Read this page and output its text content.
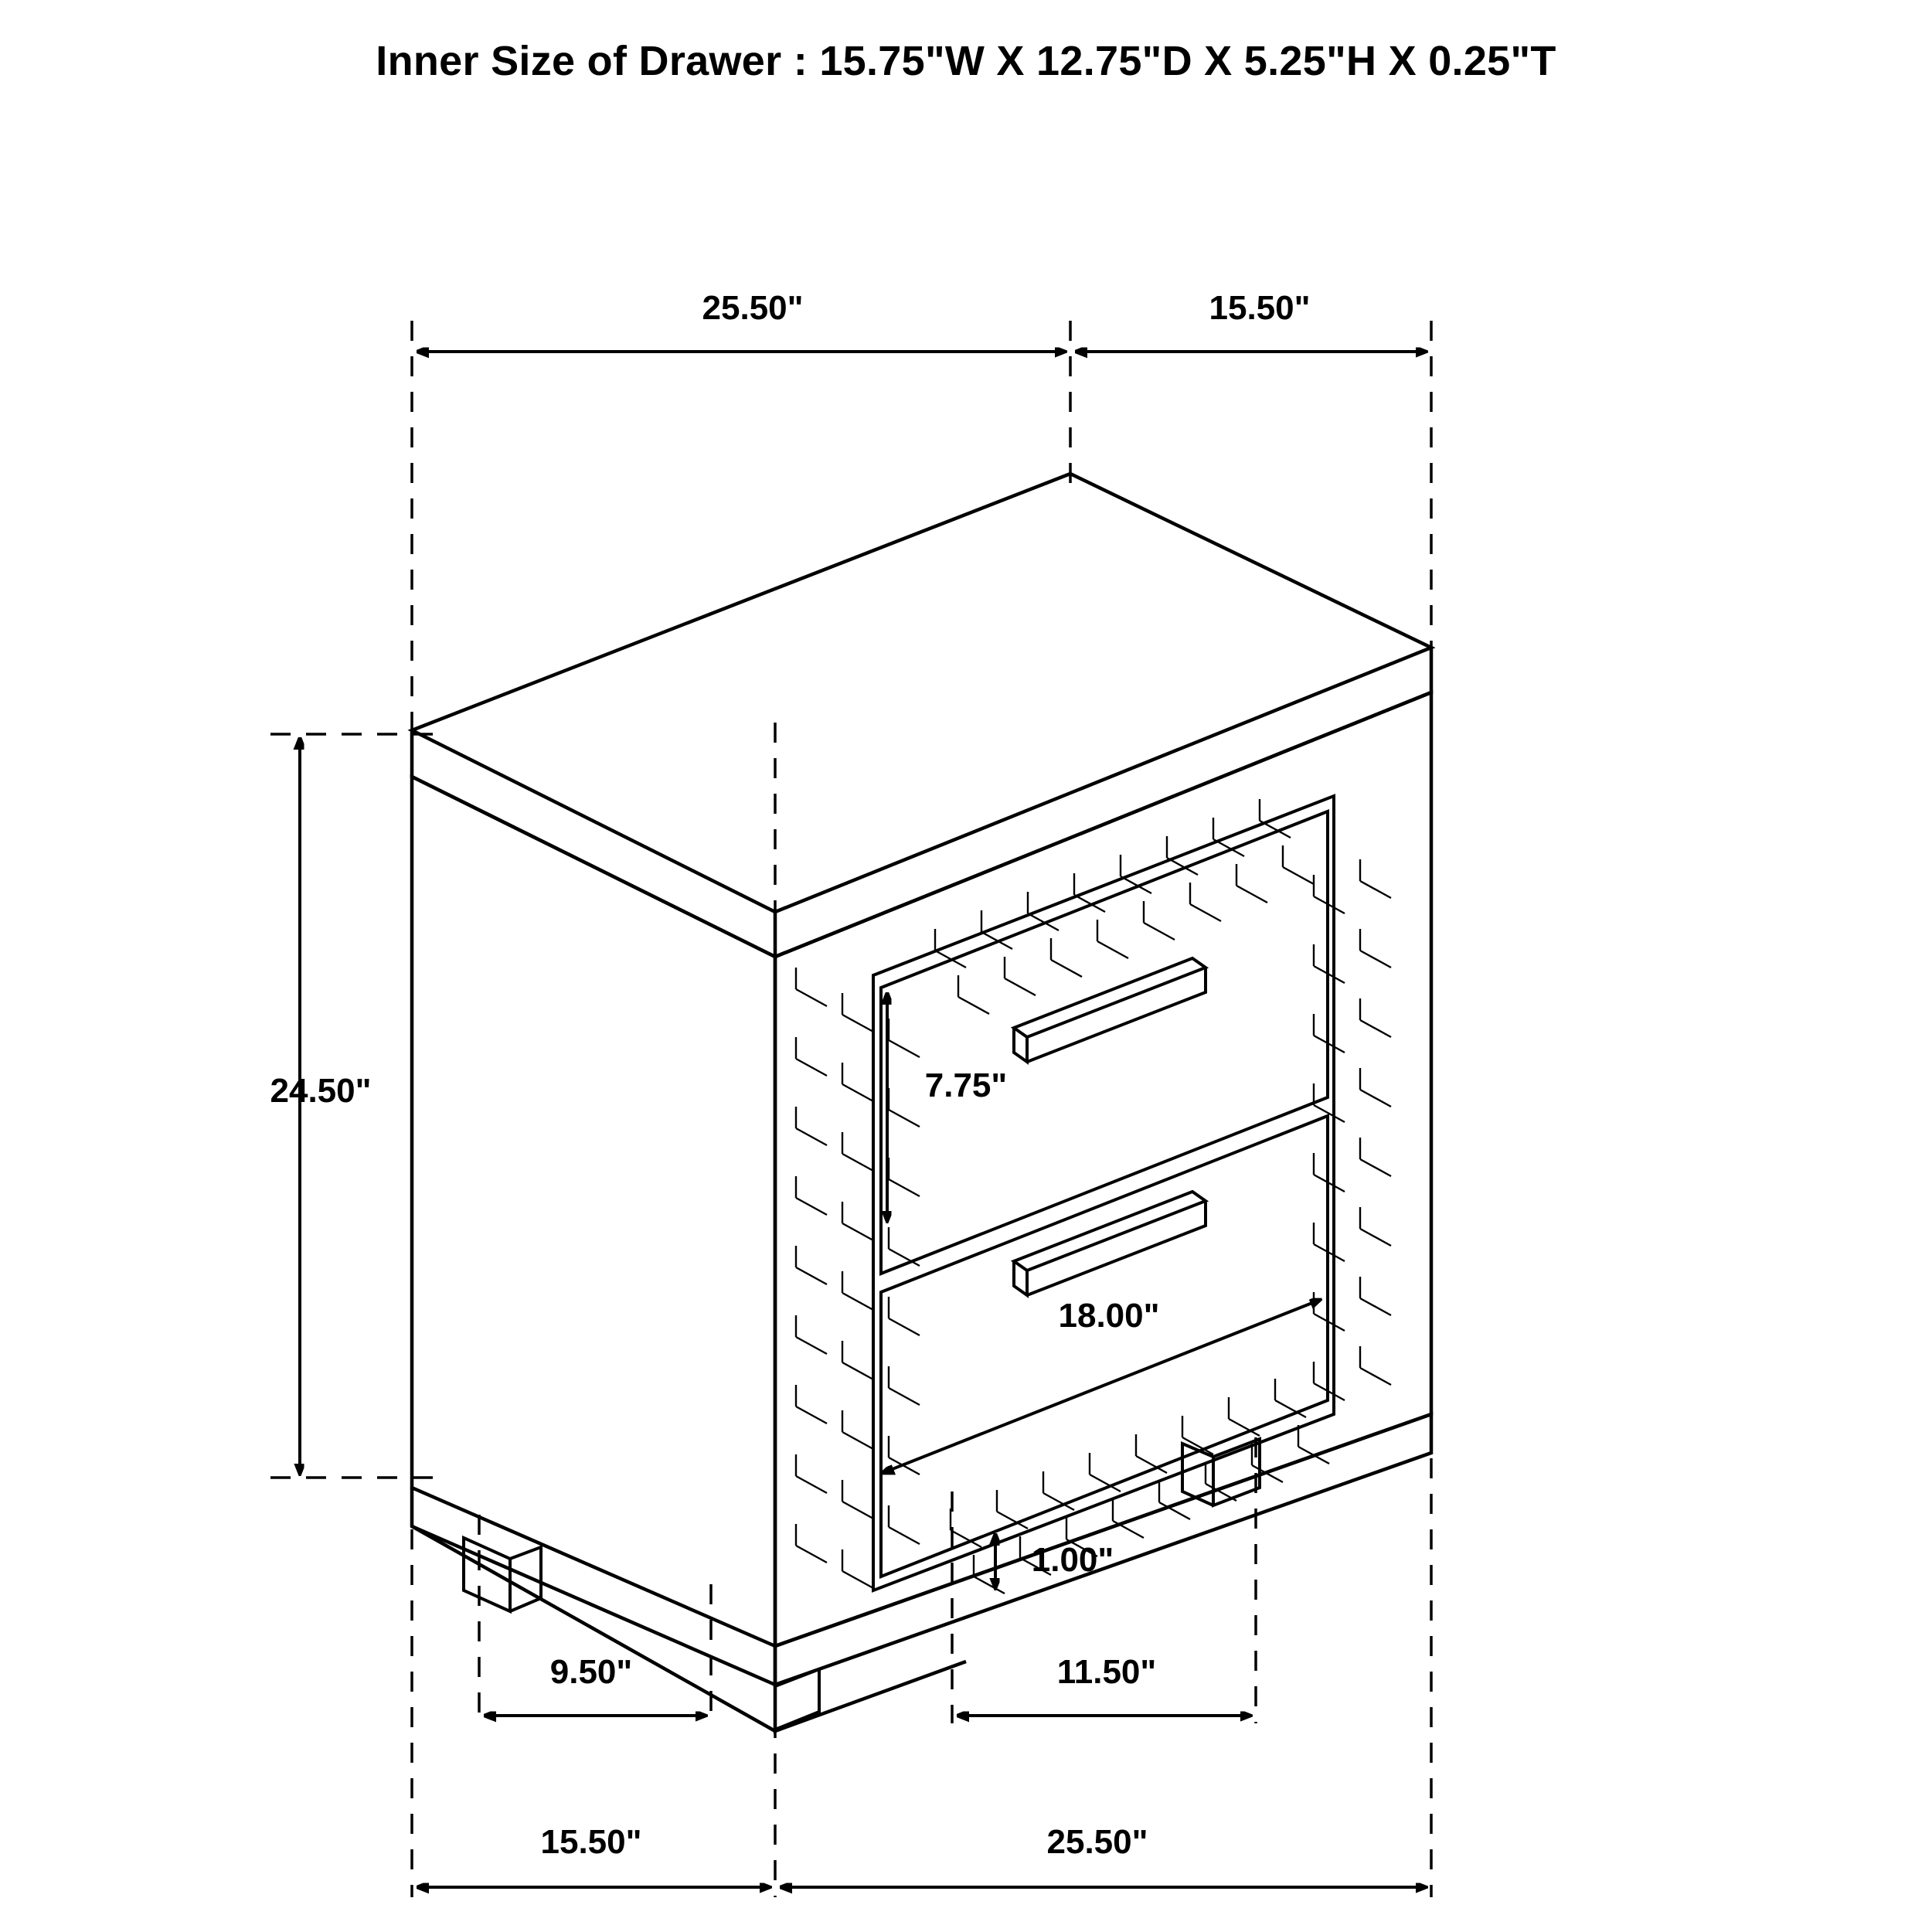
Inner Size of Drawer : 15.75"W X 12.75"D X 5.25"H X 0.25"T
25.50"	15.50"
24.50"	7.75"
18.00"
1.00"
9.50"	11.50"
15.50"	25.50"
